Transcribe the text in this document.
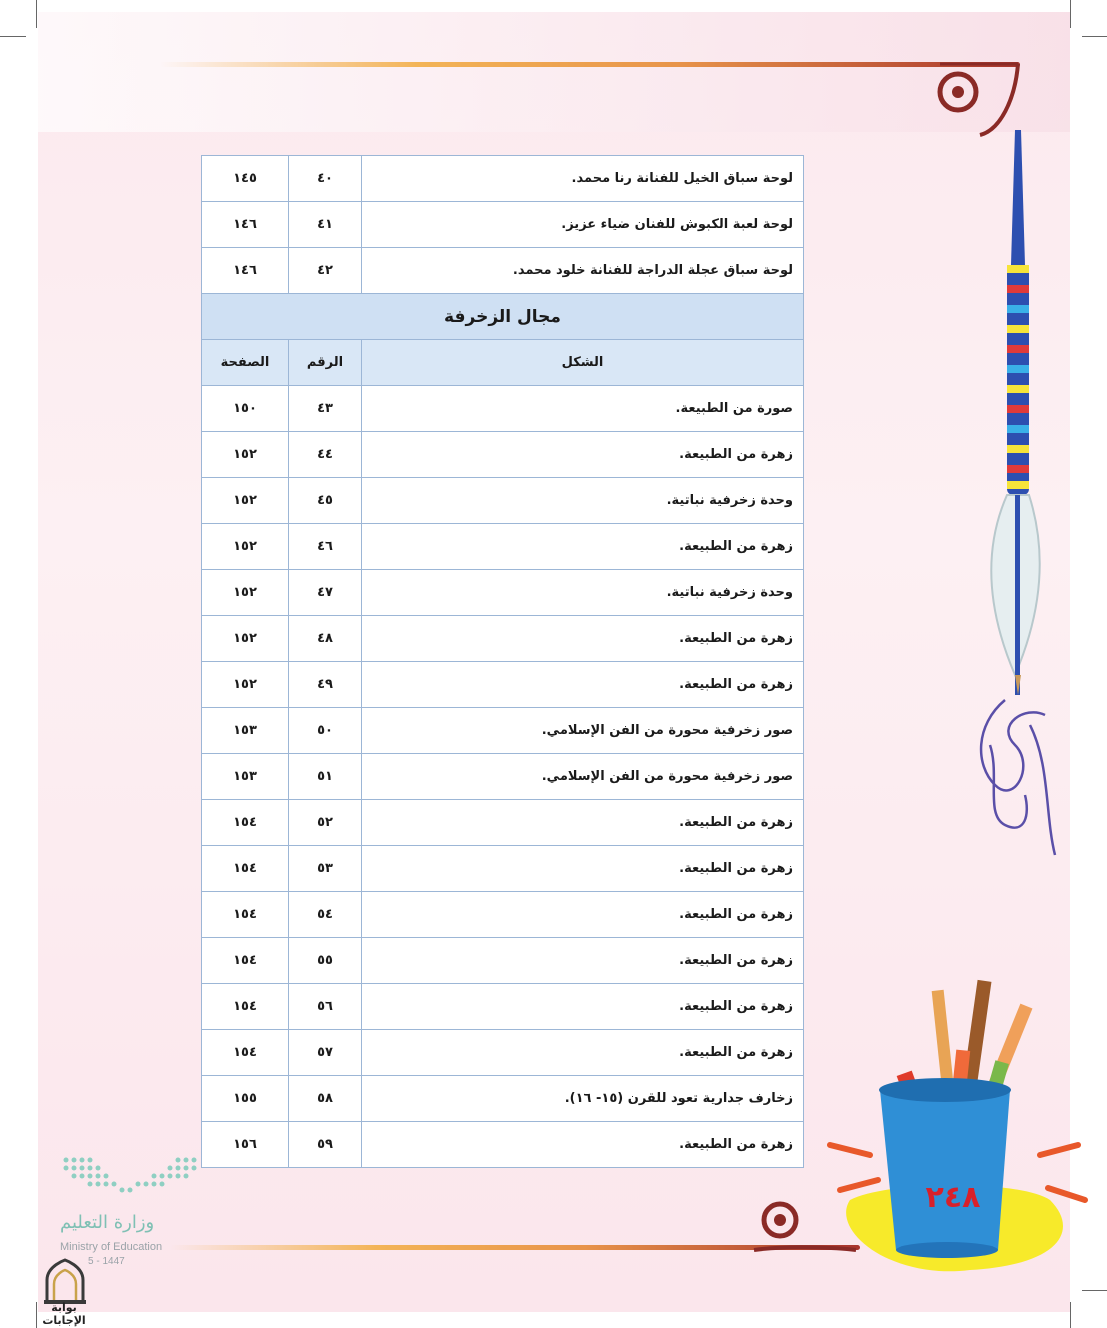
٢٤٨
وزارة التعليم
Ministry of Education
5 - 1447
بوابة الإجابات
لوحة سباق الخيل للفنانة رنا محمد.	٤٠	١٤٥
لوحة لعبة الكبوش للفنان ضياء عزيز.	٤١	١٤٦
لوحة سباق عجلة الدراجة للفنانة خلود محمد.	٤٢	١٤٦
مجال الزخرفة		
الشكل	الرقم	الصفحة
صورة من الطبيعة.	٤٣	١٥٠
زهرة من الطبيعة.	٤٤	١٥٢
وحدة زخرفية نباتية.	٤٥	١٥٢
زهرة من الطبيعة.	٤٦	١٥٢
وحدة زخرفية نباتية.	٤٧	١٥٢
زهرة من الطبيعة.	٤٨	١٥٢
زهرة من الطبيعة.	٤٩	١٥٢
صور زخرفية محورة من الفن الإسلامي.	٥٠	١٥٣
صور زخرفية محورة من الفن الإسلامي.	٥١	١٥٣
زهرة من الطبيعة.	٥٢	١٥٤
زهرة من الطبيعة.	٥٣	١٥٤
زهرة من الطبيعة.	٥٤	١٥٤
زهرة من الطبيعة.	٥٥	١٥٤
زهرة من الطبيعة.	٥٦	١٥٤
زهرة من الطبيعة.	٥٧	١٥٤
زخارف جدارية تعود للقرن (١٥- ١٦).	٥٨	١٥٥
زهرة من الطبيعة.	٥٩	١٥٦
